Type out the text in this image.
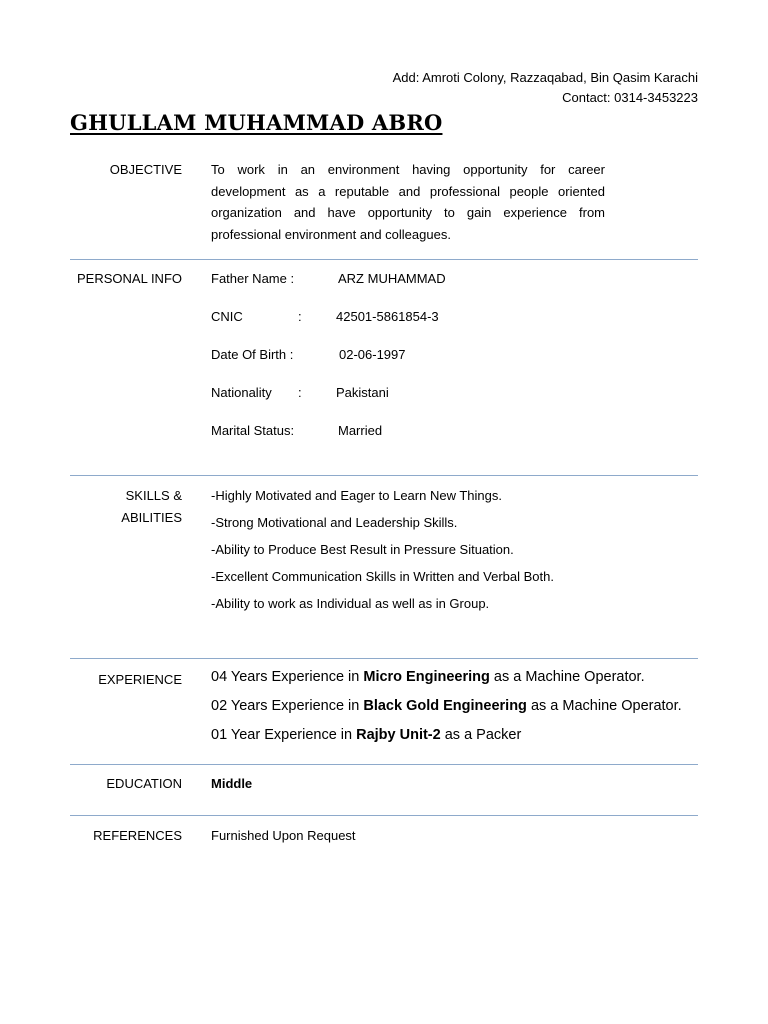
Add: Amroti Colony, Razzaqabad, Bin Qasim Karachi
Contact: 0314-3453223
GHULLAM MUHAMMAD ABRO
OBJECTIVE To work in an environment having opportunity for career development as a reputable and professional people oriented organization and have opportunity to gain experience from professional environment and colleagues.
PERSONAL INFO Father Name :	ARZ MUHAMMAD
CNIC	:	42501-5861854-3
Date Of Birth :	02-06-1997
Nationality :	Pakistani
Marital Status:	Married
SKILLS &
ABILITIES
-Highly Motivated and Eager to Learn New Things.
-Strong Motivational and Leadership Skills.
-Ability to Produce Best Result in Pressure Situation.
-Excellent Communication Skills in Written and Verbal Both.
-Ability to work as Individual as well as in Group.
EXPERIENCE 04 Years Experience in Micro Engineering as a Machine Operator.
02 Years Experience in Black Gold Engineering as a Machine Operator.
01 Year Experience in Rajby Unit-2 as a Packer
EDUCATION Middle
REFERENCES Furnished Upon Request
